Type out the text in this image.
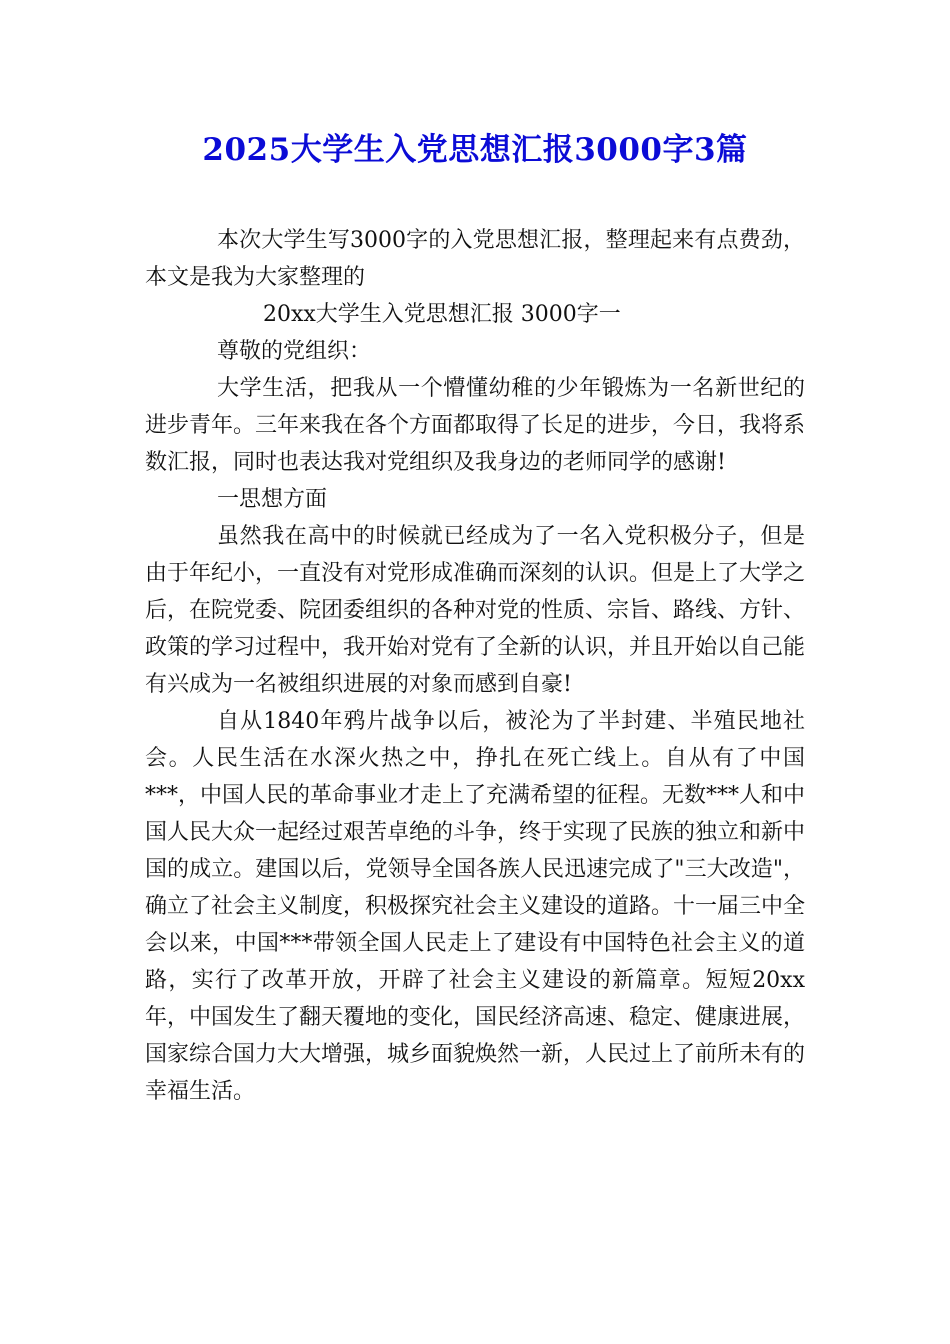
2025大学生入党思想汇报3000字3篇

本次大学生写3000字的入党思想汇报，整理起来有点费劲，本文是我为大家整理的

20xx大学生入党思想汇报 3000字一

尊敬的党组织：

大学生活，把我从一个懵懂幼稚的少年锻炼为一名新世纪的进步青年。三年来我在各个方面都取得了长足的进步，今日，我将系数汇报，同时也表达我对党组织及我身边的老师同学的感谢!

一思想方面

虽然我在高中的时候就已经成为了一名入党积极分子，但是由于年纪小，一直没有对党形成准确而深刻的认识。但是上了大学之后，在院党委、院团委组织的各种对党的性质、宗旨、路线、方针、政策的学习过程中，我开始对党有了全新的认识，并且开始以自己能有兴成为一名被组织进展的对象而感到自豪!

自从1840年鸦片战争以后，被沦为了半封建、半殖民地社会。人民生活在水深火热之中，挣扎在死亡线上。自从有了中国***，中国人民的革命事业才走上了充满希望的征程。无数***人和中国人民大众一起经过艰苦卓绝的斗争，终于实现了民族的独立和新中国的成立。建国以后，党领导全国各族人民迅速完成了"三大改造"，确立了社会主义制度，积极探究社会主义建设的道路。十一届三中全会以来，中国***带领全国人民走上了建设有中国特色社会主义的道路，实行了改革开放，开辟了社会主义建设的新篇章。短短20xx年，中国发生了翻天覆地的变化，国民经济高速、稳定、健康进展，国家综合国力大大增强，城乡面貌焕然一新，人民过上了前所未有的幸福生活。
